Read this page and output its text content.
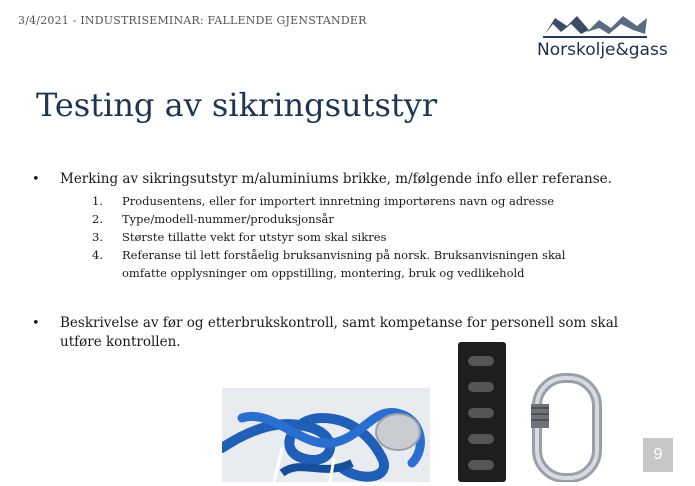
3/4/2021 - INDUSTRISEMINAR: FALLENDE GJENSTANDER
Norskolje&gass
Testing av sikringsutstyr
• Merking av sikringsutstyr m/aluminiums brikke, m/følgende info eller referanse.
1. Produsentens, eller for importert innretning importørens navn og adresse
2. Type/modell-nummer/produksjonsår
3. Største tillatte vekt for utstyr som skal sikres
4. Referanse til lett forståelig bruksanvisning på norsk. Bruksanvisningen skal omfatte opplysninger om oppstilling, montering, bruk og vedlikehold
• Beskrivelse av før og etterbrukskontroll, samt kompetanse for personell som skal utføre kontrollen.
9
